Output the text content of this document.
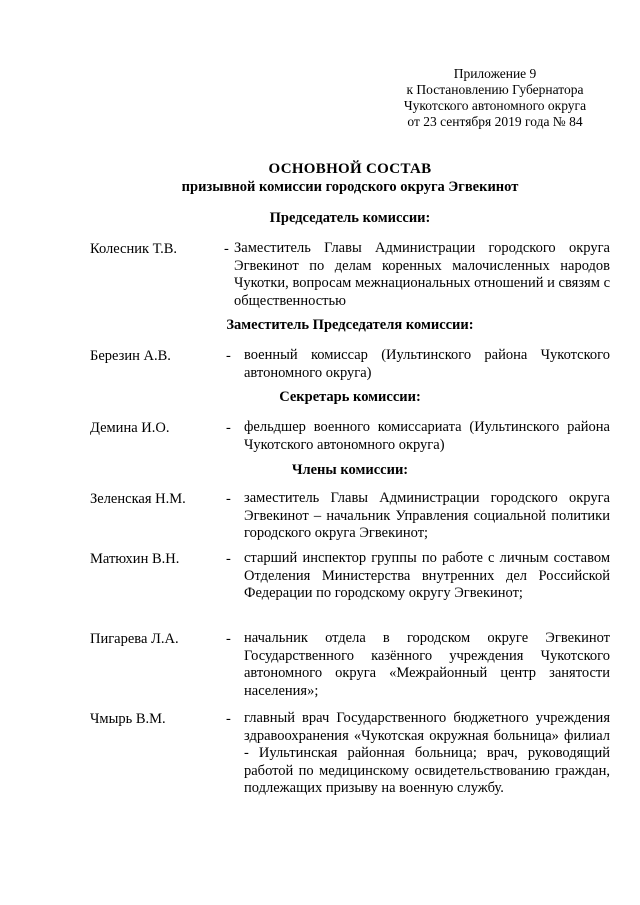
Приложение 9
к Постановлению Губернатора
Чукотского автономного округа
от 23 сентября 2019 года № 84
ОСНОВНОЙ СОСТАВ
призывной комиссии городского округа Эгвекинот
Председатель комиссии:
Колесник Т.В.	- Заместитель Главы Администрации городского округа Эгвекинот по делам коренных малочисленных народов Чукотки, вопросам межнациональных отношений и связям с общественностью
Заместитель Председателя комиссии:
Березин А.В.	- военный комиссар (Иультинского района Чукотского автономного округа)
Секретарь комиссии:
Демина И.О.	- фельдшер военного комиссариата (Иультинского района Чукотского автономного округа)
Члены комиссии:
Зеленская Н.М.	- заместитель Главы Администрации городского округа Эгвекинот – начальник Управления социальной политики городского округа Эгвекинот;
Матюхин В.Н.	- старший инспектор группы по работе с личным составом Отделения Министерства внутренних дел Российской Федерации по городскому округу Эгвекинот;
Пигарева Л.А.	- начальник отдела в городском округе Эгвекинот Государственного казённого учреждения Чукотского автономного округа «Межрайонный центр занятости населения»;
Чмырь В.М.	- главный врач Государственного бюджетного учреждения здравоохранения «Чукотская окружная больница» филиал - Иультинская районная больница; врач, руководящий работой по медицинскому освидетельствованию граждан, подлежащих призыву на военную службу.
